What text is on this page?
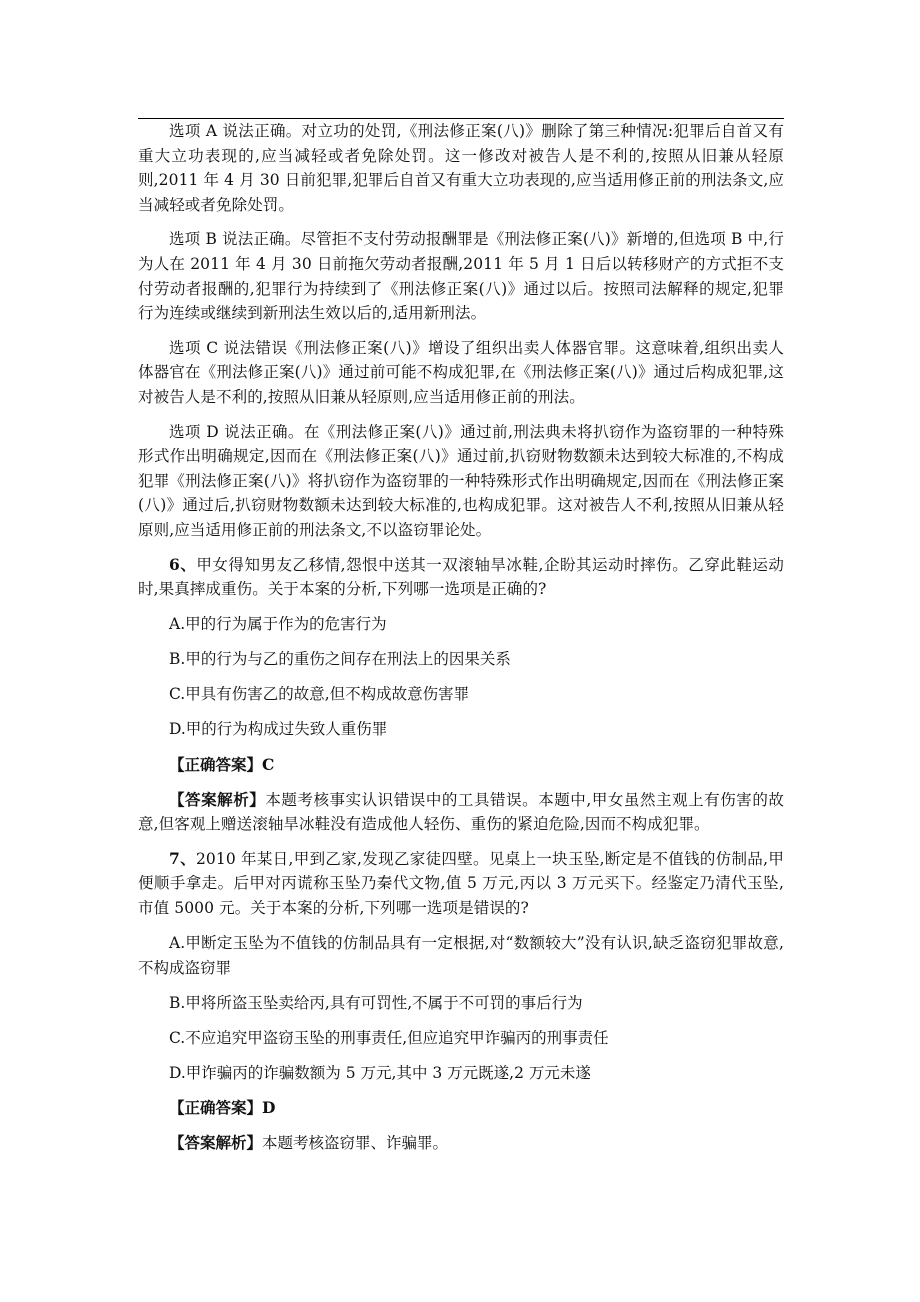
选项 A 说法正确。对立功的处罚,《刑法修正案(八)》删除了第三种情况:犯罪后自首又有重大立功表现的,应当减轻或者免除处罚。这一修改对被告人是不利的,按照从旧兼从轻原则,2011 年 4 月 30 日前犯罪,犯罪后自首又有重大立功表现的,应当适用修正前的刑法条文,应当减轻或者免除处罚。

选项 B 说法正确。尽管拒不支付劳动报酬罪是《刑法修正案(八)》新增的,但选项 B 中,行为人在 2011 年 4 月 30 日前拖欠劳动者报酬,2011 年 5 月 1 日后以转移财产的方式拒不支付劳动者报酬的,犯罪行为持续到了《刑法修正案(八)》通过以后。按照司法解释的规定,犯罪行为连续或继续到新刑法生效以后的,适用新刑法。

选项 C 说法错误《刑法修正案(八)》增设了组织出卖人体器官罪。这意味着,组织出卖人体器官在《刑法修正案(八)》通过前可能不构成犯罪,在《刑法修正案(八)》通过后构成犯罪,这对被告人是不利的,按照从旧兼从轻原则,应当适用修正前的刑法。

选项 D 说法正确。在《刑法修正案(八)》通过前,刑法典未将扒窃作为盗窃罪的一种特殊形式作出明确规定,因而在《刑法修正案(八)》通过前,扒窃财物数额未达到较大标准的,不构成犯罪《刑法修正案(八)》将扒窃作为盗窃罪的一种特殊形式作出明确规定,因而在《刑法修正案(八)》通过后,扒窃财物数额未达到较大标准的,也构成犯罪。这对被告人不利,按照从旧兼从轻原则,应当适用修正前的刑法条文,不以盗窃罪论处。

6、甲女得知男友乙移情,怨恨中送其一双滚轴旱冰鞋,企盼其运动时摔伤。乙穿此鞋运动时,果真摔成重伤。关于本案的分析,下列哪一选项是正确的?

A.甲的行为属于作为的危害行为

B.甲的行为与乙的重伤之间存在刑法上的因果关系

C.甲具有伤害乙的故意,但不构成故意伤害罪

D.甲的行为构成过失致人重伤罪

【正确答案】C

【答案解析】本题考核事实认识错误中的工具错误。本题中,甲女虽然主观上有伤害的故意,但客观上赠送滚轴旱冰鞋没有造成他人轻伤、重伤的紧迫危险,因而不构成犯罪。

7、2010 年某日,甲到乙家,发现乙家徒四壁。见桌上一块玉坠,断定是不值钱的仿制品,甲便顺手拿走。后甲对丙谎称玉坠乃秦代文物,值 5 万元,丙以 3 万元买下。经鉴定乃清代玉坠,市值 5000 元。关于本案的分析,下列哪一选项是错误的?

A.甲断定玉坠为不值钱的仿制品具有一定根据,对“数额较大”没有认识,缺乏盗窃犯罪故意,不构成盗窃罪

B.甲将所盗玉坠卖给丙,具有可罚性,不属于不可罚的事后行为

C.不应追究甲盗窃玉坠的刑事责任,但应追究甲诈骗丙的刑事责任

D.甲诈骗丙的诈骗数额为 5 万元,其中 3 万元既遂,2 万元未遂

【正确答案】D

【答案解析】本题考核盗窃罪、诈骗罪。
